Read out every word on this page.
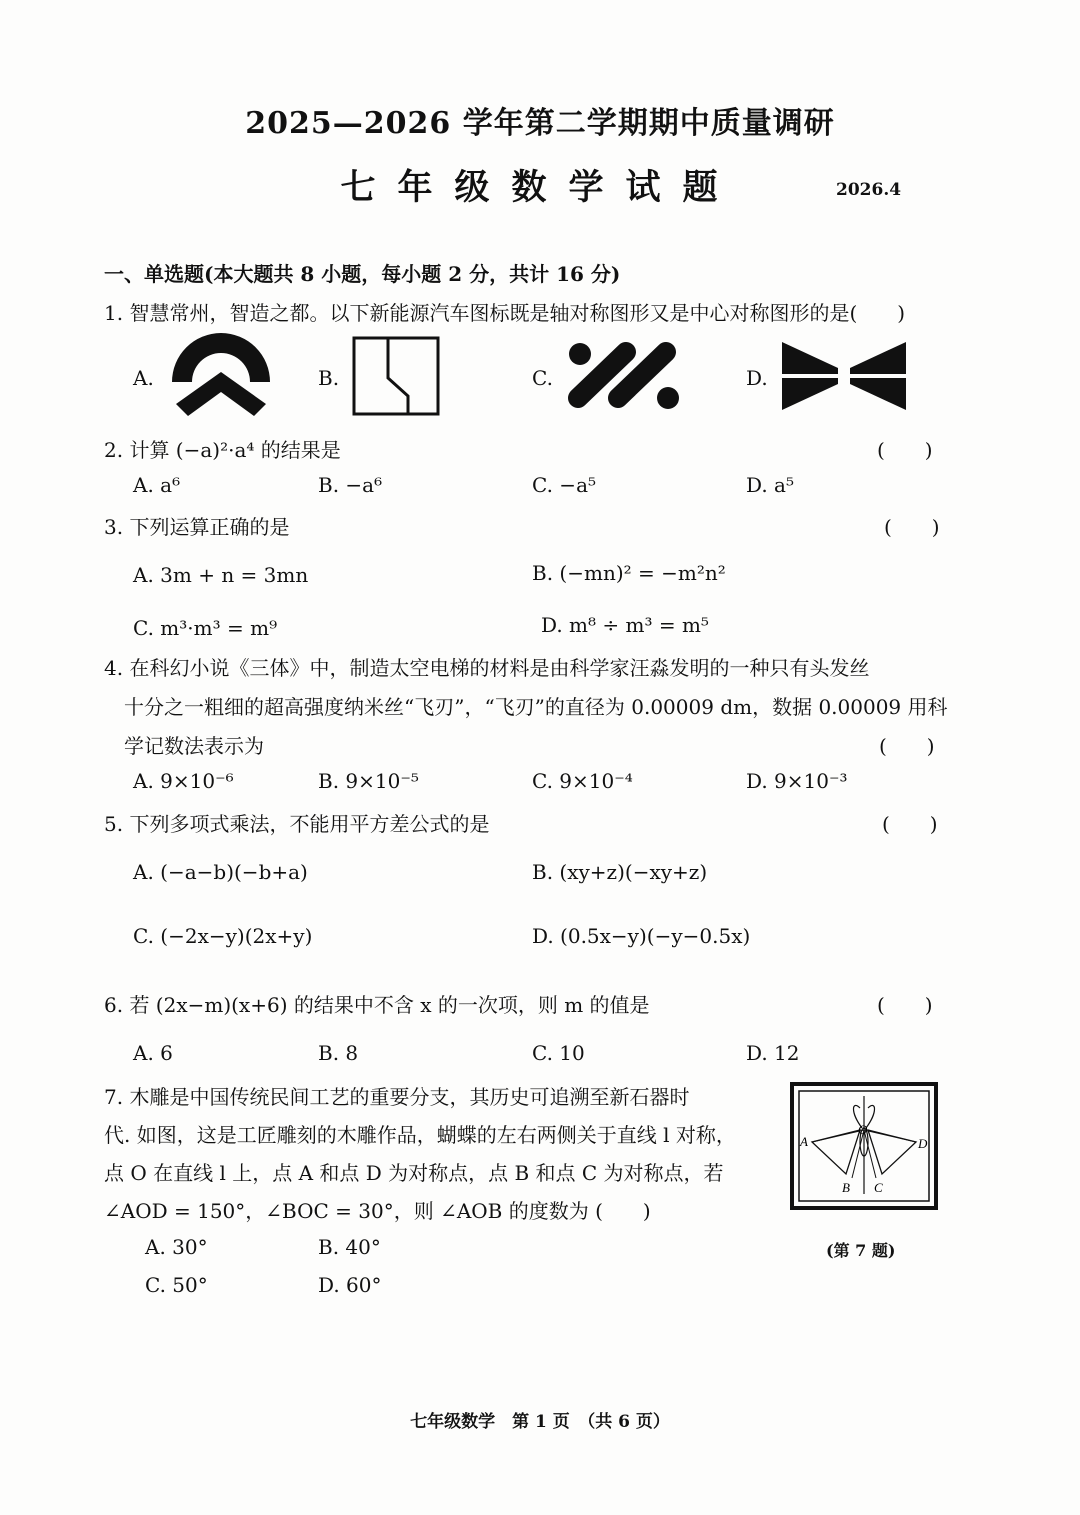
2025—2026 学年第二学期期中质量调研
七年级数学试题	2026.4
一、单选题(本大题共 8 小题，每小题 2 分，共计 16 分)
1. 智慧常州，智造之都。以下新能源汽车图标既是轴对称图形又是中心对称图形的是(　　)
A.	B.	C.	D.
2. 计算 (−a)²·a⁴ 的结果是	(　　)
A. a⁶	B. −a⁶	C. −a⁵	D. a⁵
3. 下列运算正确的是	(　　)
A. 3m + n = 3mn	B. (−mn)² = −m²n²
C. m³·m³ = m⁹	D. m⁸ ÷ m³ = m⁵
4. 在科幻小说《三体》中，制造太空电梯的材料是由科学家汪淼发明的一种只有头发丝
十分之一粗细的超高强度纳米丝“飞刃”，“飞刃”的直径为 0.00009 dm，数据 0.00009 用科
学记数法表示为	(　　)
A. 9×10⁻⁶	B. 9×10⁻⁵	C. 9×10⁻⁴	D. 9×10⁻³
5. 下列多项式乘法，不能用平方差公式的是	(　　)
A. (−a−b)(−b+a)	B. (xy+z)(−xy+z)
C. (−2x−y)(2x+y)	D. (0.5x−y)(−y−0.5x)
6. 若 (2x−m)(x+6) 的结果中不含 x 的一次项，则 m 的值是	(　　)
A. 6	B. 8	C. 10	D. 12
7. 木雕是中国传统民间工艺的重要分支，其历史可追溯至新石器时
代. 如图，这是工匠雕刻的木雕作品，蝴蝶的左右两侧关于直线 l 对称，
点 O 在直线 l 上，点 A 和点 D 为对称点，点 B 和点 C 为对称点，若
∠AOD = 150°，∠BOC = 30°，则 ∠AOB 的度数为 (　　)
A. 30°	B. 40°
C. 50°	D. 60°
O
A	D
B C
(第 7 题)
七年级数学　第 1 页　（共 6 页）
